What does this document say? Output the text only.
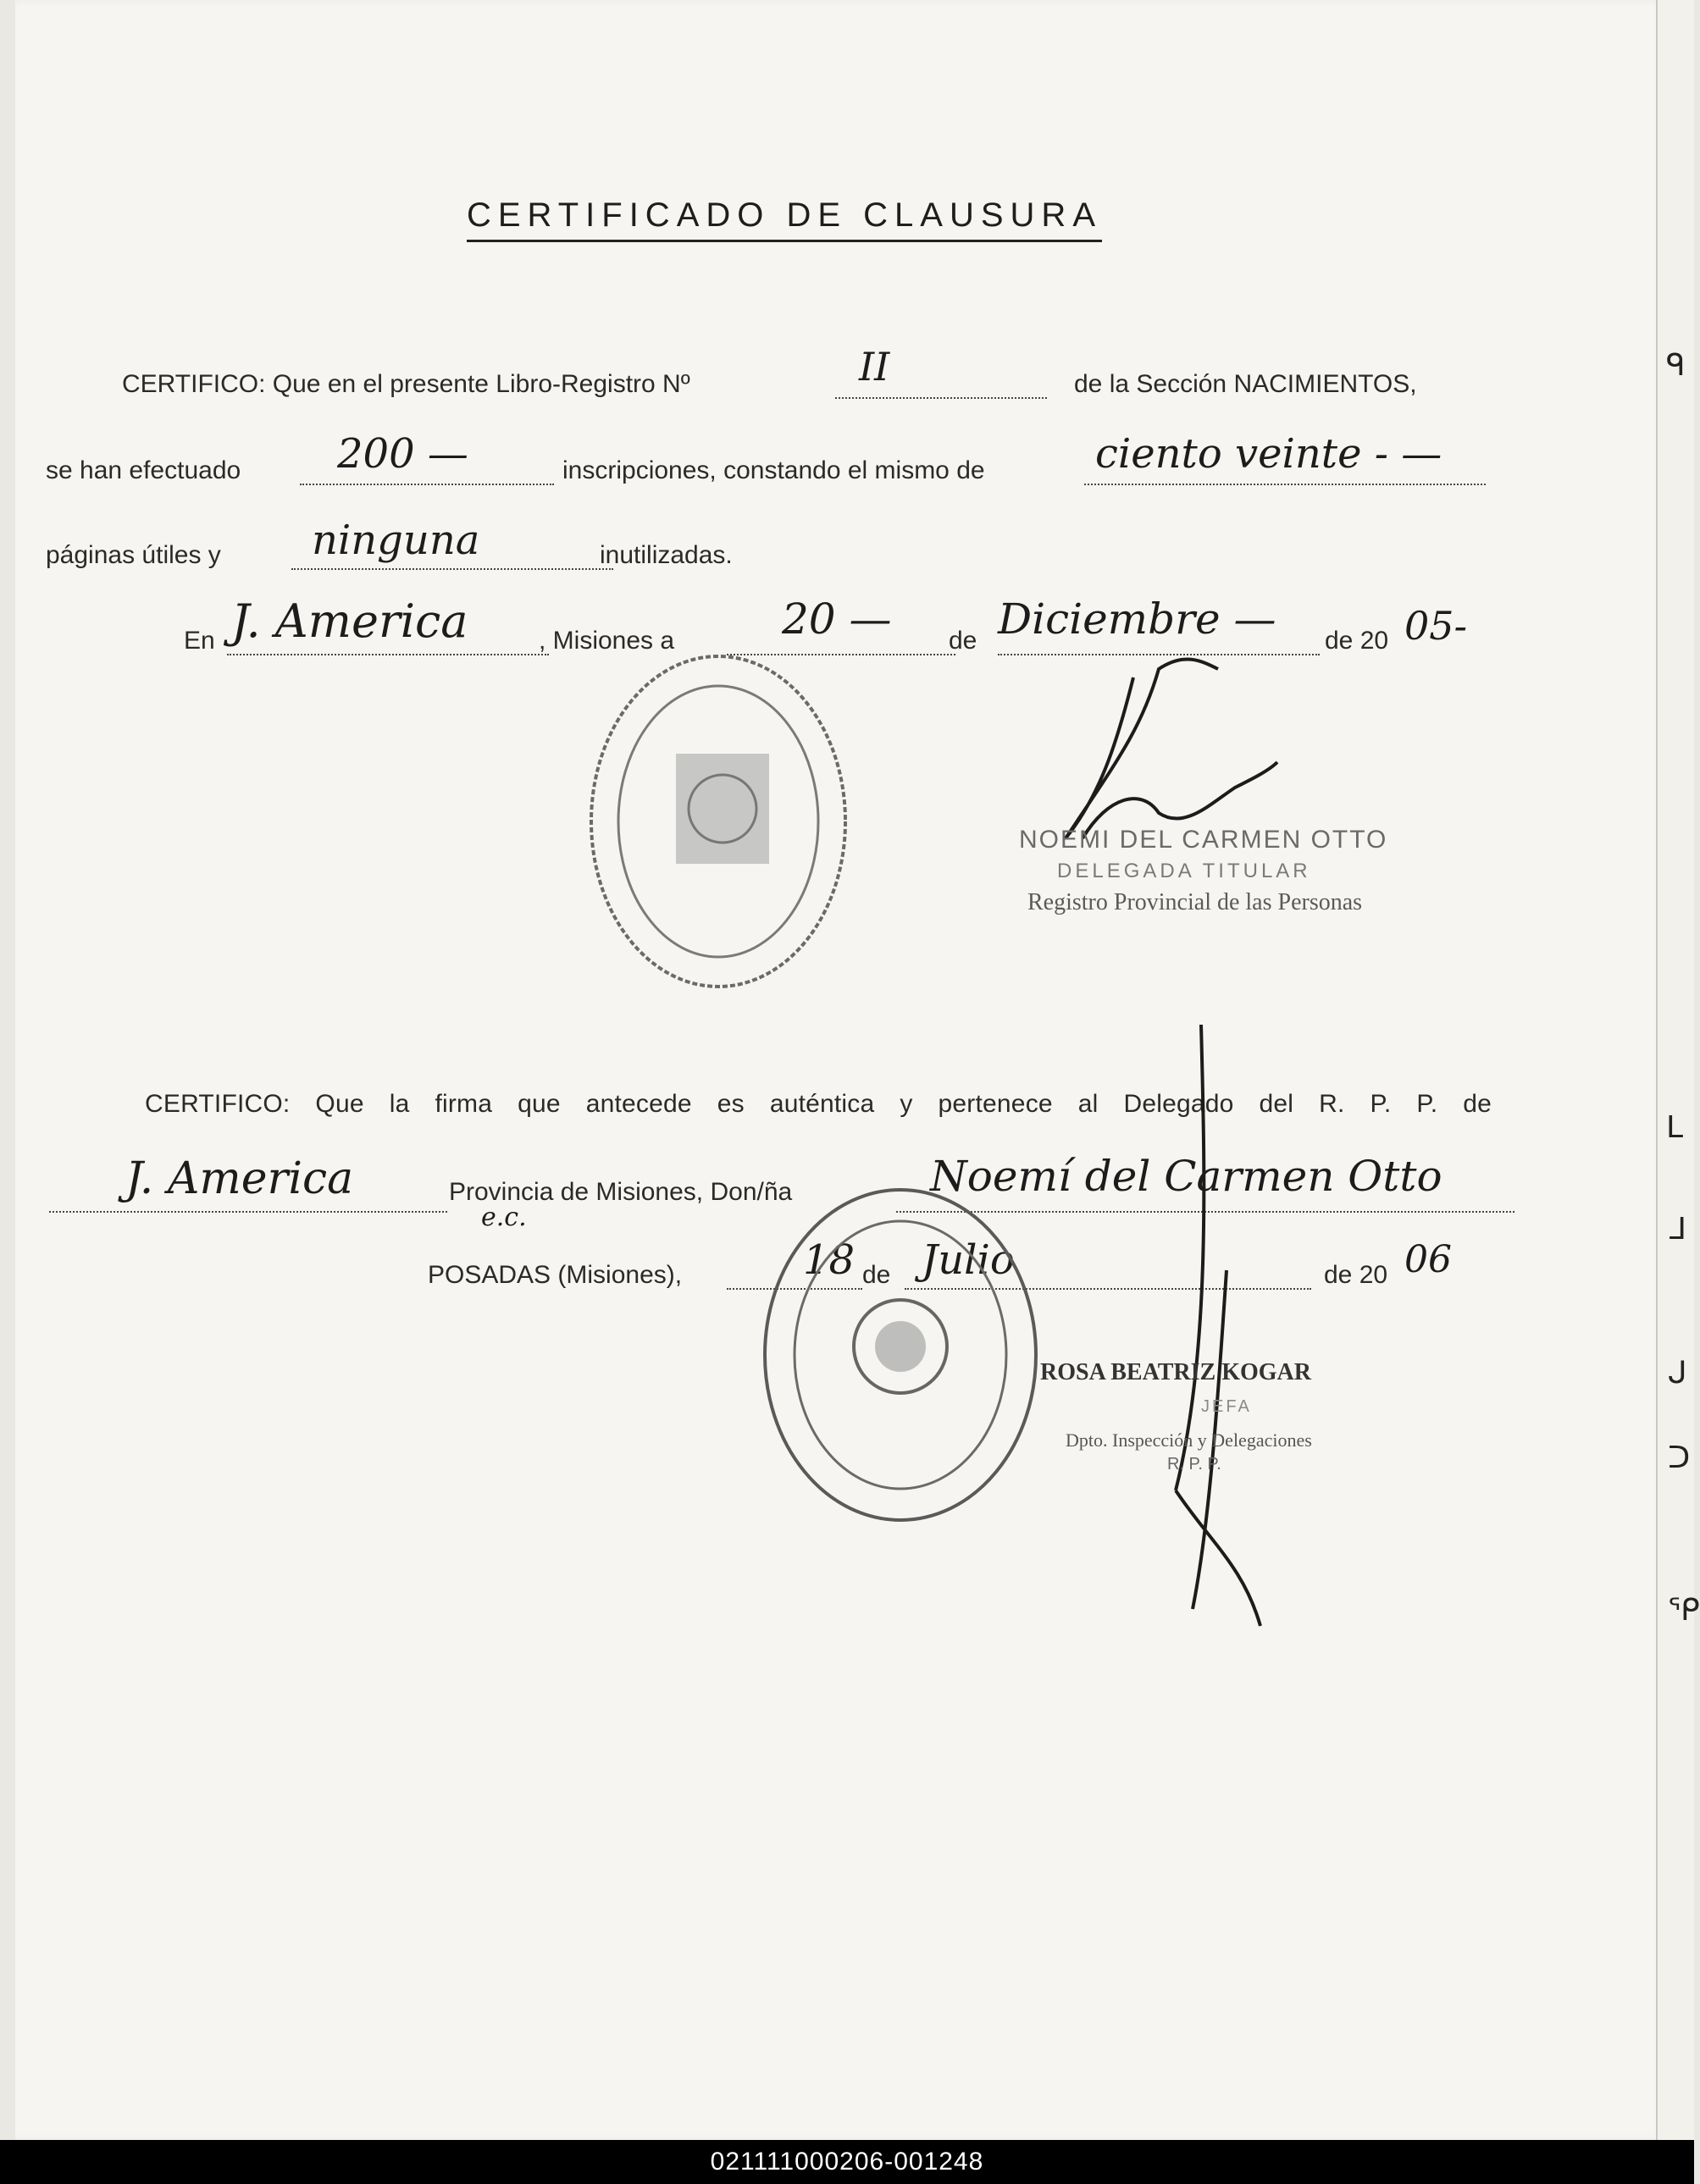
CERTIFICADO DE CLAUSURA
CERTIFICO: Que en el presente Libro-Registro Nº	II	de la Sección NACIMIENTOS,
se han efectuado 200 —	inscripciones, constando el mismo de	ciento veinte - —
páginas útiles y ninguna	inutilizadas.
En J. America	, Misiones a	20 — de Diciembre — de 20 05-
NOEMI DEL CARMEN OTTO
DELEGADA TITULAR
Registro Provincial de las Personas
CERTIFICO: Que la firma que antecede es auténtica y pertenece al Delegado del R. P. P. de
J. America	Provincia de Misiones, Don/ña	Noemí del Carmen Otto
e.c.
POSADAS (Misiones),	18 de Julio	de 20 06
ROSA BEATRIZ KOGAR
JEFA
Dpto. Inspección y Delegaciones
R. P. P.
ᑫ
ᒪ
ᒧ
ᒍ
ᑐ
ᕿ
021111000206-001248
